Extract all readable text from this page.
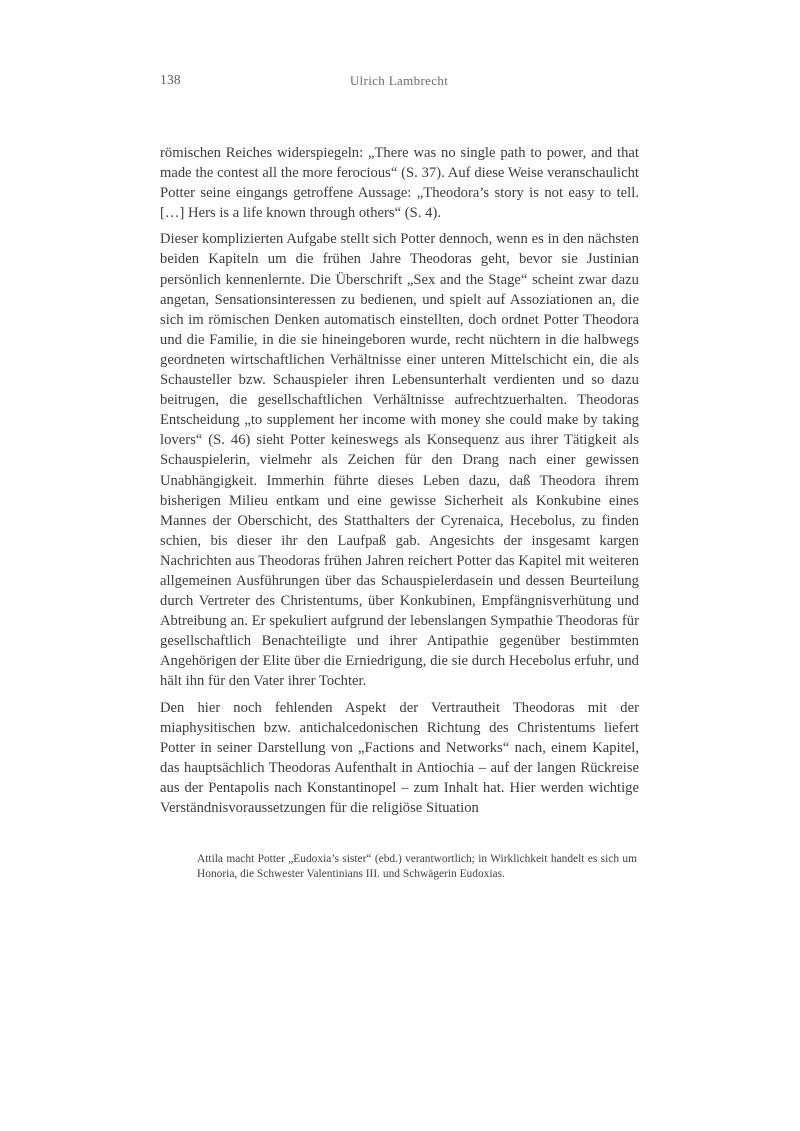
138	Ulrich Lambrecht

römischen Reiches widerspiegeln: „There was no single path to power, and that made the contest all the more ferocious“ (S. 37). Auf diese Weise veranschaulicht Potter seine eingangs getroffene Aussage: „Theodora’s story is not easy to tell. […] Hers is a life known through others“ (S. 4).

Dieser komplizierten Aufgabe stellt sich Potter dennoch, wenn es in den nächsten beiden Kapiteln um die frühen Jahre Theodoras geht, bevor sie Justinian persönlich kennenlernte. Die Überschrift „Sex and the Stage“ scheint zwar dazu angetan, Sensationsinteressen zu bedienen, und spielt auf Assoziationen an, die sich im römischen Denken automatisch einstellten, doch ordnet Potter Theodora und die Familie, in die sie hineingeboren wurde, recht nüchtern in die halbwegs geordneten wirtschaftlichen Verhältnisse einer unteren Mittelschicht ein, die als Schausteller bzw. Schauspieler ihren Lebensunterhalt verdienten und so dazu beitrugen, die gesellschaftlichen Verhältnisse aufrechtzuerhalten. Theodoras Entscheidung „to supplement her income with money she could make by taking lovers“ (S. 46) sieht Potter keineswegs als Konsequenz aus ihrer Tätigkeit als Schauspielerin, vielmehr als Zeichen für den Drang nach einer gewissen Unabhängigkeit. Immerhin führte dieses Leben dazu, daß Theodora ihrem bisherigen Milieu entkam und eine gewisse Sicherheit als Konkubine eines Mannes der Oberschicht, des Statthalters der Cyrenaica, Hecebolus, zu finden schien, bis dieser ihr den Laufpaß gab. Angesichts der insgesamt kargen Nachrichten aus Theodoras frühen Jahren reichert Potter das Kapitel mit weiteren allgemeinen Ausführungen über das Schauspielerdasein und dessen Beurteilung durch Vertreter des Christentums, über Konkubinen, Empfängnisverhütung und Abtreibung an. Er spekuliert aufgrund der lebenslangen Sympathie Theodoras für gesellschaftlich Benachteiligte und ihrer Antipathie gegenüber bestimmten Angehörigen der Elite über die Erniedrigung, die sie durch Hecebolus erfuhr, und hält ihn für den Vater ihrer Tochter.

Den hier noch fehlenden Aspekt der Vertrautheit Theodoras mit der miaphysitischen bzw. antichalcedonischen Richtung des Christentums liefert Potter in seiner Darstellung von „Factions and Networks“ nach, einem Kapitel, das hauptsächlich Theodoras Aufenthalt in Antiochia – auf der langen Rückreise aus der Pentapolis nach Konstantinopel – zum Inhalt hat. Hier werden wichtige Verständnisvoraussetzungen für die religiöse Situation

Attila macht Potter „Eudoxia’s sister“ (ebd.) verantwortlich; in Wirklichkeit handelt es sich um Honoria, die Schwester Valentinians III. und Schwägerin Eudoxias.
